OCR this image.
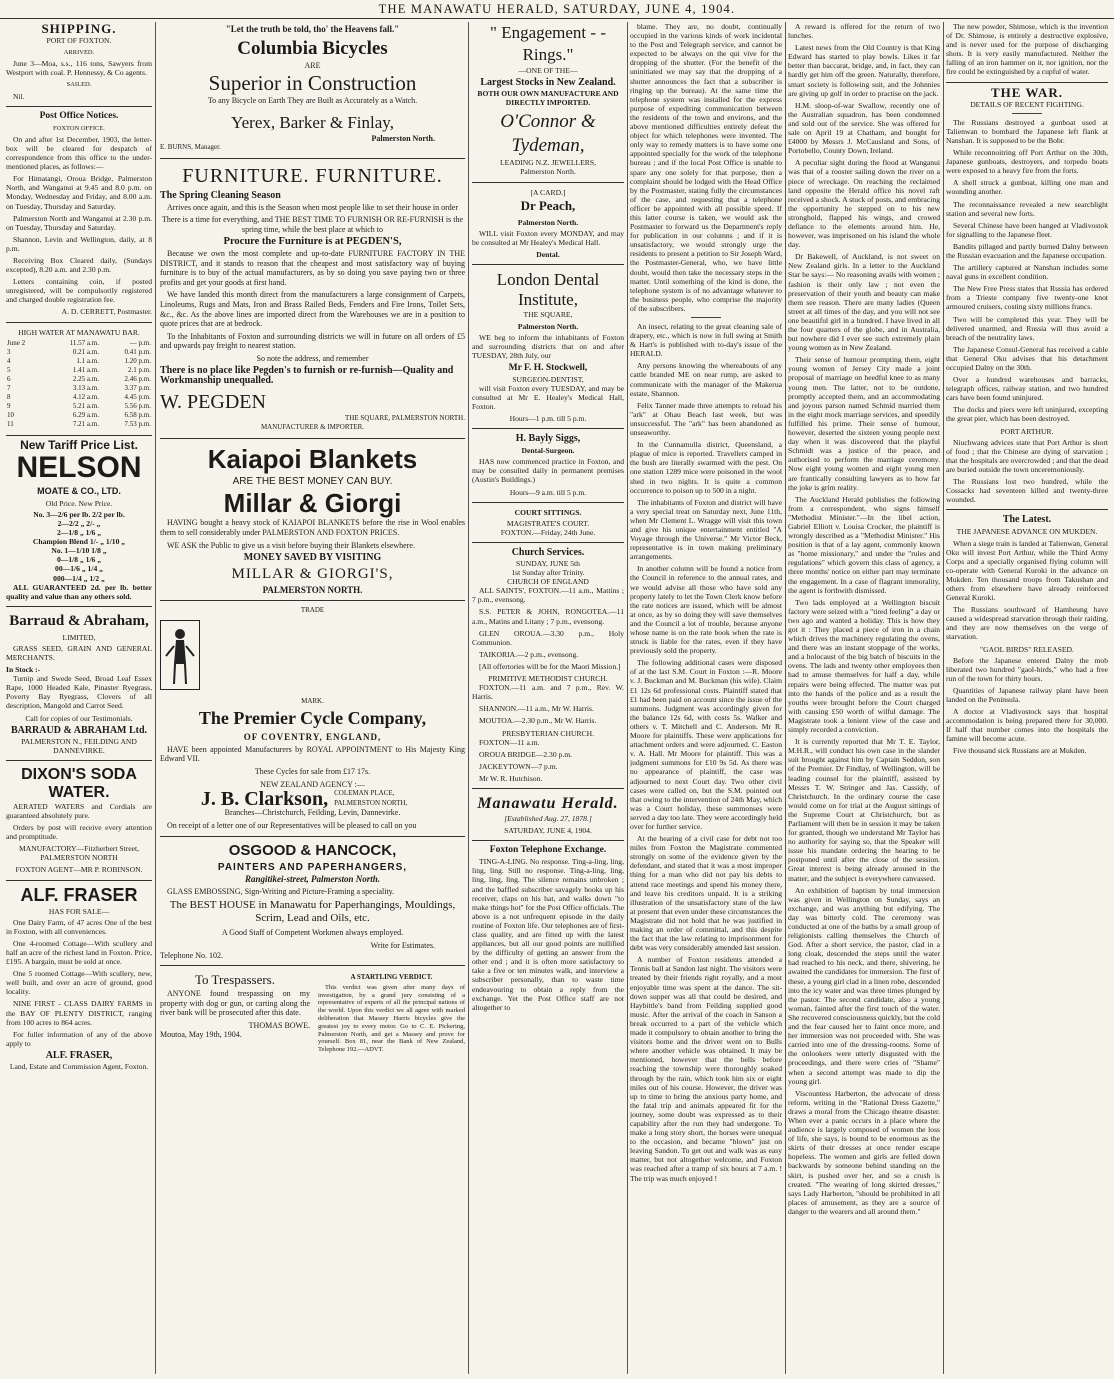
THE MANAWATU HERALD, SATURDAY, JUNE 4, 1904.
SHIPPING.
PORT OF FOXTON.
ARRIVED.

June 3—Moa, s.s., 116 tons, Sawyers from Westport with coal. P. Hennessy, & Co agents.

SAILED.

Nil.

Post Office Notices.
FOXTON OFFICE.

On and after 1st December, 1903, the letter-box will be cleared for despatch of correspondence from this office to the under-mentioned places, as follows:—

For Himatangi, Oroua Bridge, Palmerston North, and Wanganui at 9.45 and 8.0 p.m. on Monday, Wednesday and Friday, and 8.00 a.m. on Tuesday, Thursday and Saturday.

Palmerston North and Wanganui at 2.30 p.m. on Tuesday, Thursday and Saturday.

Shannon, Levin and Wellington, daily, at 8 p.m.

Receiving Box Cleared daily, (Sundays excepted), 8.20 a.m. and 2.30 p.m.

Letters containing coin, if posted unregistered, will be compulsorily registered and charged double registration fee.

A. D. CERRETT, Postmaster.
HIGH WATER AT MANAWATU BAR.
June 2	11.57 a.m.	— p.m.
3	0.21 a.m.	0.41 p.m.
4	1.1 a.m.	1.20 p.m.
5	1.41 a.m.	2.1 p.m.
6	2.25 a.m.	2.46 p.m.
7	3.13 a.m.	3.37 p.m.
8	4.12 a.m.	4.45 p.m.
9	5.21 a.m.	5.56 p.m.
10	6.29 a.m.	6.58 p.m.
11	7.21 a.m.	7.53 p.m.
New Tariff Price List.
NELSON
MOATE & CO., LTD.
Old Price. New Price.
No. 3—2/6 per lb. 2/2 per lb.
2—2/2 „ 2/- „
2—1/8 „ 1/6 „
Champion Blend 1/- „ 1/10 „
No. 1—1/10 1/8 „
0—1/8 „ 1/6 „
00—1/6 „ 1/4 „
000—1/4 „ 1/2 „

ALL GUARANTEED 2d. per lb. better quality and value than any others sold.

Barraud & Abraham,
LIMITED,

GRASS SEED, GRAIN AND GENERAL MERCHANTS.

In Stock :-

Turnip and Swede Seed, Broad Leaf Essex Rape, 1000 Headed Kale, Pinaster Ryegrass, Poverty Bay Ryegrass, Clovers of all description, Mangold and Carrot Seed.

Call for copies of our Testimonials.

BARRAUD & ABRAHAM Ltd.

PALMERSTON N., FEILDING AND DANNEVIRKE.

DIXON'S SODA WATER.

AERATED WATERS and Cordials are guaranteed absolutely pure.

Orders by post will receive every attention and promptitude.

MANUFACTORY—Fitzherbert Street, PALMERSTON NORTH

FOXTON AGENT—MR P. ROBINSON.

ALF. FRASER
HAS FOR SALE—

One Dairy Farm, of 47 acres One of the best in Foxton, with all conveniences.

One 4-roomed Cottage—With scullery and half an acre of the richest land in Foxton. Price, £195. A bargain, must be sold at once.

One 5 roomed Cottage—With scullery, new, well built, and over an acre of ground, good locality.

NINE FIRST - CLASS DAIRY FARMS in the BAY OF PLENTY DISTRICT, ranging from 100 acres to 864 acres.

For fuller information of any of the above apply to

ALF. FRASER,

Land, Estate and Commission Agent, Foxton.

"Let the truth be told, tho' the Heavens fall."
Columbia Bicycles
ARE
Superior in Construction

To any Bicycle on Earth They are Built as Accurately as a Watch.

Yerex, Barker & Finlay,
Palmerston North.
E. BURNS, Manager.
FURNITURE. FURNITURE.
The Spring Cleaning Season

Arrives once again, and this is the Season when most people like to set their house in order

There is a time for everything, and THE BEST TIME TO FURNISH OR RE-FURNISH is the spring time, while the best place at which to

Procure the Furniture is at PEGDEN'S,

Because we own the most complete and up-to-date FURNITURE FACTORY IN THE DISTRICT, and it stands to reason that the cheapest and most satisfactory way of buying furniture is to buy of the actual manufacturers, as by so doing you save paying two or three profits and get your goods at first hand.

We have landed this month direct from the manufacturers a large consignment of Carpets, Linoleums, Rugs and Mats, Iron and Brass Railed Beds, Fenders and Fire Irons, Toilet Sets, &c., &c. As the above lines are imported direct from the Warehouses we are in a position to quote prices that are at bedrock.

To the Inhabitants of Foxton and surrounding districts we will in future on all orders of £5 and upwards pay freight to nearest station.

So note the address, and remember

There is no place like Pegden's to furnish or re-furnish—Quality and Workmanship unequalled.
W. PEGDEN
THE SQUARE, PALMERSTON NORTH.
MANUFACTURER & IMPORTER.
Kaiapoi Blankets
ARE THE BEST MONEY CAN BUY.
Millar & Giorgi

HAVING bought a heavy stock of KAIAPOI BLANKETS before the rise in Wool enables them to sell considerably under PALMERSTON AND FOXTON PRICES.

WE ASK the Public to give us a visit before buying their Blankets elsewhere.

MONEY SAVED BY VISITING
MILLAR & GIORGI'S,
PALMERSTON NORTH.
TRADE
MARK.
The Premier Cycle Company,
OF COVENTRY, ENGLAND,

HAVE been appointed Manufacturers by ROYAL APPOINTMENT to His Majesty King Edward VII.

These Cycles for sale from £17 17s.

NEW ZEALAND AGENCY :—
J. B. Clarkson, COLEMAN PLACE, PALMERSTON NORTH,

Branches—Christchurch, Feilding, Levin, Dannevirke.

On receipt of a letter one of our Representatives will be pleased to call on you

OSGOOD & HANCOCK,
PAINTERS AND PAPERHANGERS,
Rangitikei-street, Palmerston North.

GLASS EMBOSSING, Sign-Writing and Picture-Framing a speciality.

The BEST HOUSE in Manawatu for Paperhangings, Mouldings, Scrim, Lead and Oils, etc.

A Good Staff of Competent Workmen always employed.

Write for Estimates.
Telephone No. 102.
To Trespassers.

ANYONE found trespassing on my property with dog or gun, or carting along the river bank will be prosecuted after this date.

THOMAS BOWE.
Moutoa, May 19th, 1904.
A STARTLING VERDICT.

This verdict was given after many days of investigation, by a grand jury consisting of a representative of experts of all the principal nations of the world. Upon this verdict we all agree with marked deliberation that Massey Harris bicycles give the greatest joy to every motor. Go to C. E. Pickering, Palmerston North, and get a Massey and prove for yourself. Box 81, near the Bank of New Zealand, Telephone 192.—ADVT.

" Engagement - - Rings."
—ONE OF THE—
Largest Stocks in New Zealand.

BOTH OUR OWN MANUFACTURE AND DIRECTLY IMPORTED.

O'Connor & Tydeman,
LEADING N.Z. JEWELLERS,
Palmerston North.
[A CARD.]
Dr Peach,
Palmerston North.

WILL visit Foxton every MONDAY, and may be consulted at Mr Healey's Medical Hall.

Dental.
London Dental Institute,
THE SQUARE,
Palmerston North.

WE beg to inform the inhabitants of Foxton and surrounding districts that on and after TUESDAY, 28th July, our

Mr F. H. Stockwell,
SURGEON-DENTIST,

will visit Foxton every TUESDAY, and may be consulted at Mr E. Healey's Medical Hall, Foxton.

Hours—1 p.m. till 5 p.m.
H. Bayly Siggs,
Dental-Surgeon.

HAS now commenced practice in Foxton, and may be consulted daily in permanent premises (Austin's Buildings.)

Hours—9 a.m. till 5 p.m.
COURT SITTINGS.
MAGISTRATE'S COURT.
FOXTON.—Friday, 24th June.
Church Services.
SUNDAY, JUNE 5th
1st Sunday after Trinity.
CHURCH OF ENGLAND

ALL SAINTS', FOXTON.—11 a.m., Mattins ; 7 p.m., evensong.

S.S. PETER & JOHN, RONGOTEA.—11 a.m., Matins and Litany ; 7 p.m., evensong.

GLEN OROUA.—3.30 p.m., Holy Communion.

TAIKORIA.—2 p.m., evensong.

[All offertories will be for the Maori Mission.]

PRIMITIVE METHODIST CHURCH.

FOXTON.—11 a.m. and 7 p.m., Rev. W. Harris.

SHANNON.—11 a.m., Mr W. Harris.

MOUTOA.—2.30 p.m., Mr W. Harris.

PRESBYTERIAN CHURCH.

FOXTON—11 a.m.

OROUA BRIDGE—2.30 p.m.

JACKEYTOWN—7 p.m.

Mr W. R. Hutchison.

Manawatu Herald.
[Established Aug. 27, 1878.]
SATURDAY, JUNE 4, 1904.
Foxton Telephone Exchange.

TING-A-LING. No response. Ting-a-ling, ling, ling, ling. Still no response. Ting-a-ling, ling, ling, ling, ling. The silence remains unbroken ; and the baffled subscriber savagely hooks up his receiver, claps on his hat, and walks down "to make things hot" for the Post Office officials. The above is a not unfrequent episode in the daily routine of Foxton life. Our telephones are of first-class quality, and are fitted up with the latest appliances, but all our good points are nullified by the difficulty of getting an answer from the other end ; and it is often more satisfactory to take a five or ten minutes walk, and interview a subscriber personally, than to waste time endeavouring to obtain a reply from the exchange. Yet the Post Office staff are not altogether to

blame. They are, no doubt, continually occupied in the various kinds of work incidental to the Post and Telegraph service, and cannot be expected to be always on the qui vive for the dropping of the shutter. (For the benefit of the uninitiated we may say that the dropping of a shutter announces the fact that a subscriber is ringing up the bureau). At the same time the telephone system was installed for the express purpose of expediting communication between the residents of the town and environs, and the above mentioned difficulties entirely defeat the object for which telephones were invented. The only way to remedy matters is to have some one appointed specially for the work of the telephone bureau ; and if the local Post Office is unable to spare any one solely for that purpose, then a complaint should be lodged with the Head Office by the Postmaster, stating fully the circumstances of the case, and requesting that a telephone officer be appointed with all possible speed. If this latter course is taken, we would ask the Postmaster to forward us the Department's reply for publication in our columns ; and if it is unsatisfactory, we would strongly urge the residents to present a petition to Sir Joseph Ward, the Postmaster-General, who, we have little doubt, would then take the necessary steps in the matter. Until something of the kind is done, the telephone system is of no advantage whatever to the business people, who comprise the majority of the subscribers.

An insect, relating to the great cleaning sale of drapery, etc., which is now in full swing at Smith & Hart's is published with to-day's issue of the HERALD.

Any persons knowing the whereabouts of any cattle branded ME on near rump, are asked to communicate with the manager of the Makerua estate, Shannon.

Felix Tanner made three attempts to reload his "ark" at Ohau Beach last week, but was unsuccessful. The "ark" has been abandoned as unseaworthy.

In the Cunnamulla district, Queensland, a plague of mice is reported. Travellers camped in the bush are literally swarmed with the pest. On one station 1289 mice were poisoned in the wool shed in two nights. It is quite a common occurrence to poison up to 500 in a night.

The inhabitants of Foxton and district will have a very special treat on Saturday next, June 11th, when Mr Clement L. Wragge will visit this town and give his unique entertainment entitled "A Voyage through the Universe." Mr Victor Beck, representative is in town making preliminary arrangements.

In another column will be found a notice from the Council in reference to the annual rates, and we would advise all those who have sold any property lately to let the Town Clerk know before the rate notices are issued, which will be almost at once, as by so doing they will save themselves and the Council a lot of trouble, because anyone whose name is on the rate book when the rate is struck is liable for the rates, even if they have previously sold the property.

The following additional cases were disposed of at the last S.M. Court in Foxton :—R. Moore v. J. Buckman and M. Buckman (his wife). Claim £1 12s 6d professional costs. Plaintiff stated that £1 had been paid on account since the issue of the summons. Judgment was accordingly given for the balance 12s 6d, with costs 5s. Walker and others v. T. Mitchell and C. Anderson. Mr R. Moore for plaintiffs. These were applications for attachment orders and were adjourned. C. Easton v. A. Hall. Mr Moore for plaintiff. This was a judgment summons for £10 9s 5d. As there was no appearance of plaintiff, the case was adjourned to next Court day. Two other civil cases were called on, but the S.M. pointed out that owing to the intervention of 24th May, which was a Court holiday, these summonses were served a day too late. They were accordingly held over for further service.

At the hearing of a civil case for debt not too miles from Foxton the Magistrate commented strongly on some of the evidence given by the defendant, and stated that it was a most improper thing for a man who did not pay his debts to attend race meetings and spend his money there, and leave his creditors unpaid. It is a striking illustration of the unsatisfactory state of the law at present that even under these circumstances the Magistrate did not hold that he was justified in making an order of committal, and this despite the fact that the law relating to imprisonment for debt was very considerably amended last session.

A number of Foxton residents attended a Tennis ball at Sandon last night. The visitors were treated by their friends right royally, and a most enjoyable time was spent at the dance. The sit-down supper was all that could be desired, and Haybittle's band from Feilding supplied good music. After the arrival of the coach in Sanson a break occurred to a part of the vehicle which made it compulsory to obtain another to bring the visitors home and the driver went on to Bulls where another vehicle was obtained. It may be mentioned, however that the bells before reaching the township were thoroughly soaked through by the rain, which took him six or eight miles out of his course. However, the driver was up to time to bring the anxious party home, and the fatal trip and animals appeared fit for the journey, some doubt was expressed as to their capability after the run they had undergone. To make a long story short, the horses were unequal to the occasion, and became "blown" just on leaving Sandon. To get out and walk was as easy matter, but not altogether welcome, and Foxton was reached after a tramp of six hours at 7 a.m. ! The trip was much enjoyed !

A reward is offered for the return of two lunches.

Latest news from the Old Country is that King Edward has started to play bowls. Likes it far better than baccarat, bridge, and, in fact, they can hardly get him off the green. Naturally, therefore, smart society is following suit, and the Johnnies are giving up golf in order to practise on the jack.

H.M. sloop-of-war Swallow, recently one of the Australian squadron, has been condemned and sold out of the service. She was offered for sale on April 19 at Chatham, and bought for £4000 by Messrs J. McCausland and Sons, of Portobello, County Down, Ireland.

A peculiar sight during the flood at Wanganui was that of a rooster sailing down the river on a piece of wreckage. On reaching the reclaimed land opposite the Herald office his novel raft received a shock. A stuck of posts, and embracing the opportunity he stepped on to his new stronghold, flapped his wings, and crowed defiance to the elements around him. He, however, was imprisoned on his island the whole day.

Dr Bakewell, of Auckland, is not sweet on New Zealand girls. In a letter to the Auckland Star he says:— No reasoning avails with women ; fashion is their only law ; not even the preservation of their youth and beauty can make them see reason. There are many ladies (Queen street at all times of the day, and you will not see one beautiful girl in a hundred. I have lived in all the four quarters of the globe, and in Australia, but nowhere did I ever see such extremely plain young women as in New Zealand.

Their sense of humour prompting them, eight young women of Jersey City made a joint proposal of marriage on heedful knee to as many young men. The latter, not to be outdone, promptly accepted them, and an accommodating and joyous parson named Schmid married them in the eight mock marriage services, and speedily fulfilled his prime. Their sense of humour, however, deserted the sixteen young people next day when it was discovered that the playful Schmidt was a justice of the peace, and authorised to perform the marriage ceremony. Now eight young women and eight young men are frantically consulting lawyers as to how far the joke is grim reality.

The Auckland Herald publishes the following from a correspondent, who signs himself "Methodist Minister."—In the libel action, Gabriel Elliott v. Louisa Crocker, the plaintiff is wrongly described as a "Methodist Minister." His position is that of a lay agent, commonly known as "home missionary," and under the "rules and regulations" which govern this class of agency, a three months' notice on either part may terminate the engagement. In a case of flagrant immorality, the agent is forthwith dismissed.

Two lads employed at a Wellington biscuit factory were seized with a "tired feeling" a day or two ago and wanted a holiday. This is how they got it : They placed a piece of iron in a chain which drives the machinery regulating the ovens, and there was an instant stoppage of the works, and a holocaust of the big batch of biscuits in the ovens. The lads and twenty other employees then had to amuse themselves for half a day, while repairs were being effected. The matter was put into the hands of the police and as a result the youths were brought before the Court charged with causing £50 worth of wilful damage. The Magistrate took a lenient view of the case and simply recorded a conviction.

It is currently reported that Mr T. E. Taylor, M.H.R., will conduct his own case in the slander suit brought against him by Captain Seddon, son of the Premier. Dr Findlay, of Wellington, will be leading counsel for the plaintiff, assisted by Messrs T. W. Stringer and Jas. Cassidy, of Christchurch. In the ordinary course the case would come on for trial at the August sittings of the Supreme Court at Christchurch, but as Parliament will then be in session it may be taken for granted, though we understand Mr Taylor has no authority for saying so, that the Speaker will issue his mandate ordering the hearing to be postponed until after the close of the session. Great interest is being already aroused in the matter, and the subject is everywhere canvassed.

An exhibition of baptism by total immersion was given in Wellington on Sunday, says an exchange, and was anything but edifying. The day was bitterly cold. The ceremony was conducted at one of the baths by a small group of religionists calling themselves the Church of God. After a short service, the pastor, clad in a long cloak, descended the steps until the water had reached to his neck, and there, shivering, he awaited the candidates for immersion. The first of these, a young girl clad in a linen robe, descended into the icy water and was three times plunged by the pastor. The second candidate, also a young woman, fainted after the first touch of the water. She recovered consciousness quickly, but the cold and the fear caused her to faint once more, and her immersion was not proceeded with. She was carried into one of the dressing-rooms. Some of the onlookers were utterly disgusted with the proceedings, and there were cries of "Shame" when a second attempt was made to dip the young girl.

Viscountess Harberton, the advocate of dress reform, writing in the "Rational Dress Gazette," draws a moral from the Chicago theatre disaster. When ever a panic occurs in a place where the audience is largely composed of women the loss of life, she says, is bound to be enormous as the skirts of their dresses at once render escape hopeless. The women and girls are felled down backwards by someone behind standing on the skirt, is pushed over her, and so a crush is created. "The wearing of long skirted dresses," says Lady Harberton, "should be prohibited in all places of amusement, as they are a source of danger to the wearers and all around them."

The new powder, Shimose, which is the invention of Dr. Shimose, is entirely a destructive explosive, and is never used for the purpose of discharging shots. It is very easily manufactured. Neither the falling of an iron hammer on it, nor ignition, nor the fire could be extinguished by a cupful of water.

THE WAR.
DETAILS OF RECENT FIGHTING.

The Russians destroyed a gunboat used at Talienwan to bombard the Japanese left flank at Nanshan. It is supposed to be the Bobr.

While reconnoitring off Port Arthur on the 30th, Japanese gunboats, destroyers, and torpedo boats were exposed to a heavy fire from the forts.

A shell struck a gunboat, killing one man and wounding another.

The reconnaissance revealed a new searchlight station and several new forts.

Several Chinese have been hanged at Vladivostok for signalling to the Japanese fleet.

Bandits pillaged and partly burned Dalny between the Russian evacuation and the Japanese occupation.

The artillery captured at Nanshan includes some naval guns in excellent condition.

The New Free Press states that Russia has ordered from a Trieste company five twenty-one knot armoured cruisers, costing sixty millions francs.

Two will be completed this year. They will be delivered unarmed, and Russia will thus avoid a breach of the neutrality laws.

The Japanese Consul-General has received a cable that General Oku advises that his detachment occupied Dalny on the 30th.

Over a hundred warehouses and barracks, telegraph offices, railway station, and two hundred cars have been found uninjured.

The docks and piers were left uninjured, excepting the great pier, which has been destroyed.

PORT ARTHUR.

Niuchwang advices state that Port Arthur is short of food ; that the Chinese are dying of starvation ; that the hospitals are overcrowded ; and that the dead are buried outside the town unceremoniously.

The Russians lost two hundred, while the Cossacks had seventeen killed and twenty-three wounded.

The Latest.
THE JAPANESE ADVANCE ON MUKDEN.

When a siege train is landed at Talienwan, General Oku will invest Port Arthur, while the Third Army Corps and a specially organised flying column will co-operate with General Kuroki in the advance on Mukden. Ten thousand troops from Takushan and others from elsewhere have already reinforced General Kuroki.

The Russians southward of Hamheung have caused a widespread starvation through their raiding, and they are now themselves on the verge of starvation.

"GAOL BIRDS" RELEASED.

Before the Japanese entered Dalny the mob liberated two hundred "gaol-birds," who had a free run of the town for thirty hours.

Quantities of Japanese railway plant have been landed on the Peninsula.

A doctor at Vladivostock says that hospital accommodation is being prepared there for 30,000. If half that number comes into the hospitals the famine will become acute.

Five thousand sick Russians are at Mukden.
